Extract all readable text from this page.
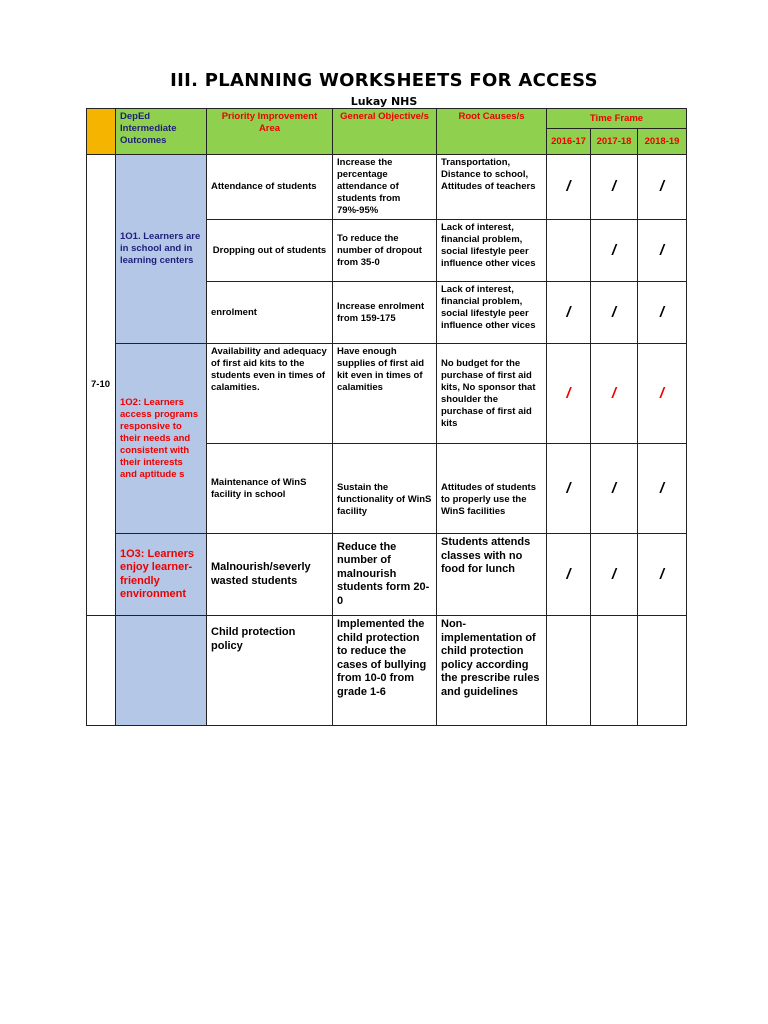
III. PLANNING WORKSHEETS FOR ACCESS
Lukay NHS
	DepEd Intermediate Outcomes	Priority Improvement Area	General Objective/s	Root Causes/s	Time Frame		
					2016-17	2017-18	2018-19
7-10	1O1. Learners are in school and in learning centers	Attendance of students	Increase the percentage attendance of students from 79%-95%	Transportation, Distance to school, Attitudes of teachers	/	/	/
		Dropping out of students	To reduce the number of dropout from 35-0	Lack of interest, financial problem, social lifestyle peer influence other vices		/	/
		enrolment	Increase enrolment from 159-175	Lack of interest, financial problem, social lifestyle peer influence other vices	/	/	/
	1O2: Learners access programs responsive to their needs and consistent with their interests and aptitude s	Availability and adequacy of first aid kits to the students even in times of calamities.	Have enough supplies of first aid kit even in times of calamities	No budget for the purchase of first aid kits, No sponsor that shoulder the purchase of first aid kits	/	/	/
		Maintenance of WinS facility in school	Sustain the functionality of WinS facility	Attitudes of students to properly use the WinS facilities	/	/	/
	1O3: Learners enjoy learner-friendly environment	Malnourish/severly wasted students	Reduce the number of malnourish students form 20-0	Students attends classes with no food for lunch	/	/	/
		Child protection policy	Implemented the child protection to reduce the cases of bullying from 10-0 from grade 1-6	Non-implementation of child protection policy according the prescribe rules and guidelines			
